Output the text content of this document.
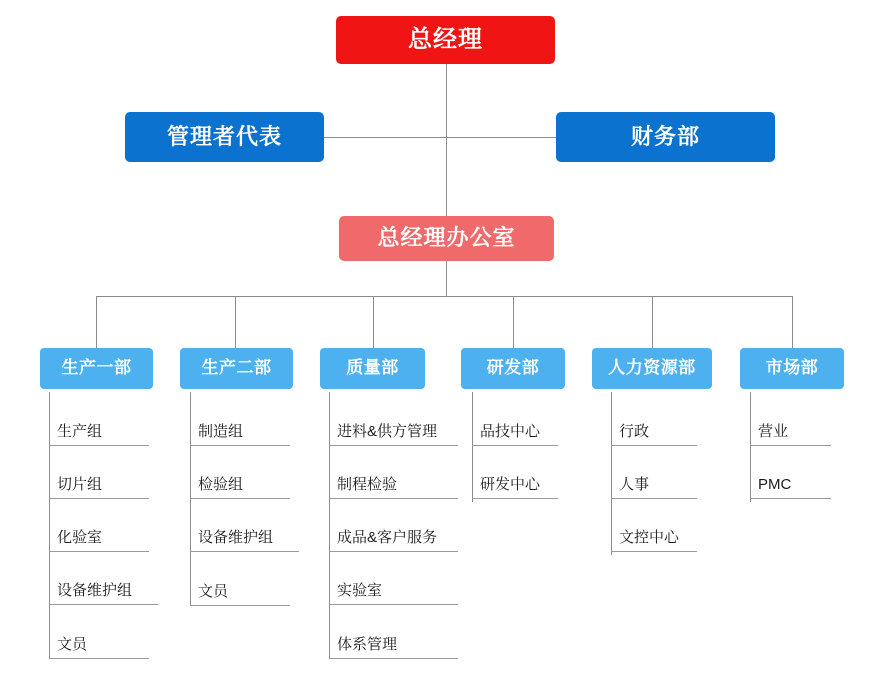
总经理
管理者代表	财务部
总经理办公室
生产一部	生产二部	质量部	研发部	人力资源部	市场部
生产组
切片组
化验室
设备维护组
文员
制造组
检验组
设备维护组
文员
进料&供方管理
制程检验
成品&客户服务
实验室
体系管理
品技中心
研发中心
行政
人事
文控中心
营业
PMC
